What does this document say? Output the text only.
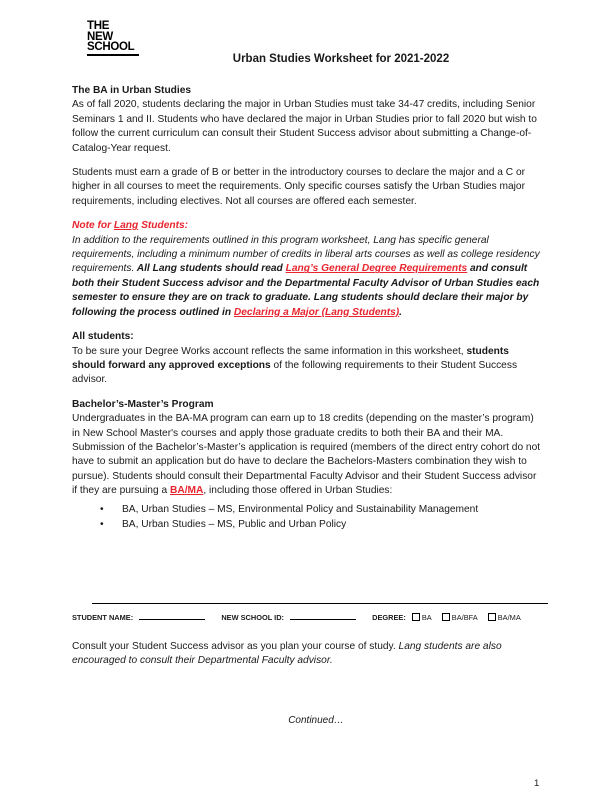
THE
NEW
SCHOOL
Urban Studies Worksheet for 2021-2022

The BA in Urban Studies
As of fall 2020, students declaring the major in Urban Studies must take 34-47 credits, including Senior Seminars 1 and II. Students who have declared the major in Urban Studies prior to fall 2020 but wish to follow the current curriculum can consult their Student Success advisor about submitting a Change-of-Catalog-Year request.

Students must earn a grade of B or better in the introductory courses to declare the major and a C or higher in all courses to meet the requirements. Only specific courses satisfy the Urban Studies major requirements, including electives. Not all courses are offered each semester.

Note for Lang Students:
In addition to the requirements outlined in this program worksheet, Lang has specific general requirements, including a minimum number of credits in liberal arts courses as well as college residency requirements. All Lang students should read Lang’s General Degree Requirements and consult both their Student Success advisor and the Departmental Faculty Advisor of Urban Studies each semester to ensure they are on track to graduate. Lang students should declare their major by following the process outlined in Declaring a Major (Lang Students).

All students:
To be sure your Degree Works account reflects the same information in this worksheet, students should forward any approved exceptions of the following requirements to their Student Success advisor.

Bachelor’s-Master’s Program
Undergraduates in the BA-MA program can earn up to 18 credits (depending on the master’s program) in New School Master's courses and apply those graduate credits to both their BA and their MA. Submission of the Bachelor’s-Master’s application is required (members of the direct entry cohort do not have to submit an application but do have to declare the Bachelors-Masters combination they wish to pursue). Students should consult their Departmental Faculty Advisor and their Student Success advisor if they are pursuing a BA/MA, including those offered in Urban Studies:

• BA, Urban Studies – MS, Environmental Policy and Sustainability Management
• BA, Urban Studies – MS, Public and Urban Policy
STUDENT NAME:	NEW SCHOOL ID:	DEGREE: BA	BA/BFA	BA/MA
Consult your Student Success advisor as you plan your course of study. Lang students are also encouraged to consult their Departmental Faculty advisor.
Continued…
1
